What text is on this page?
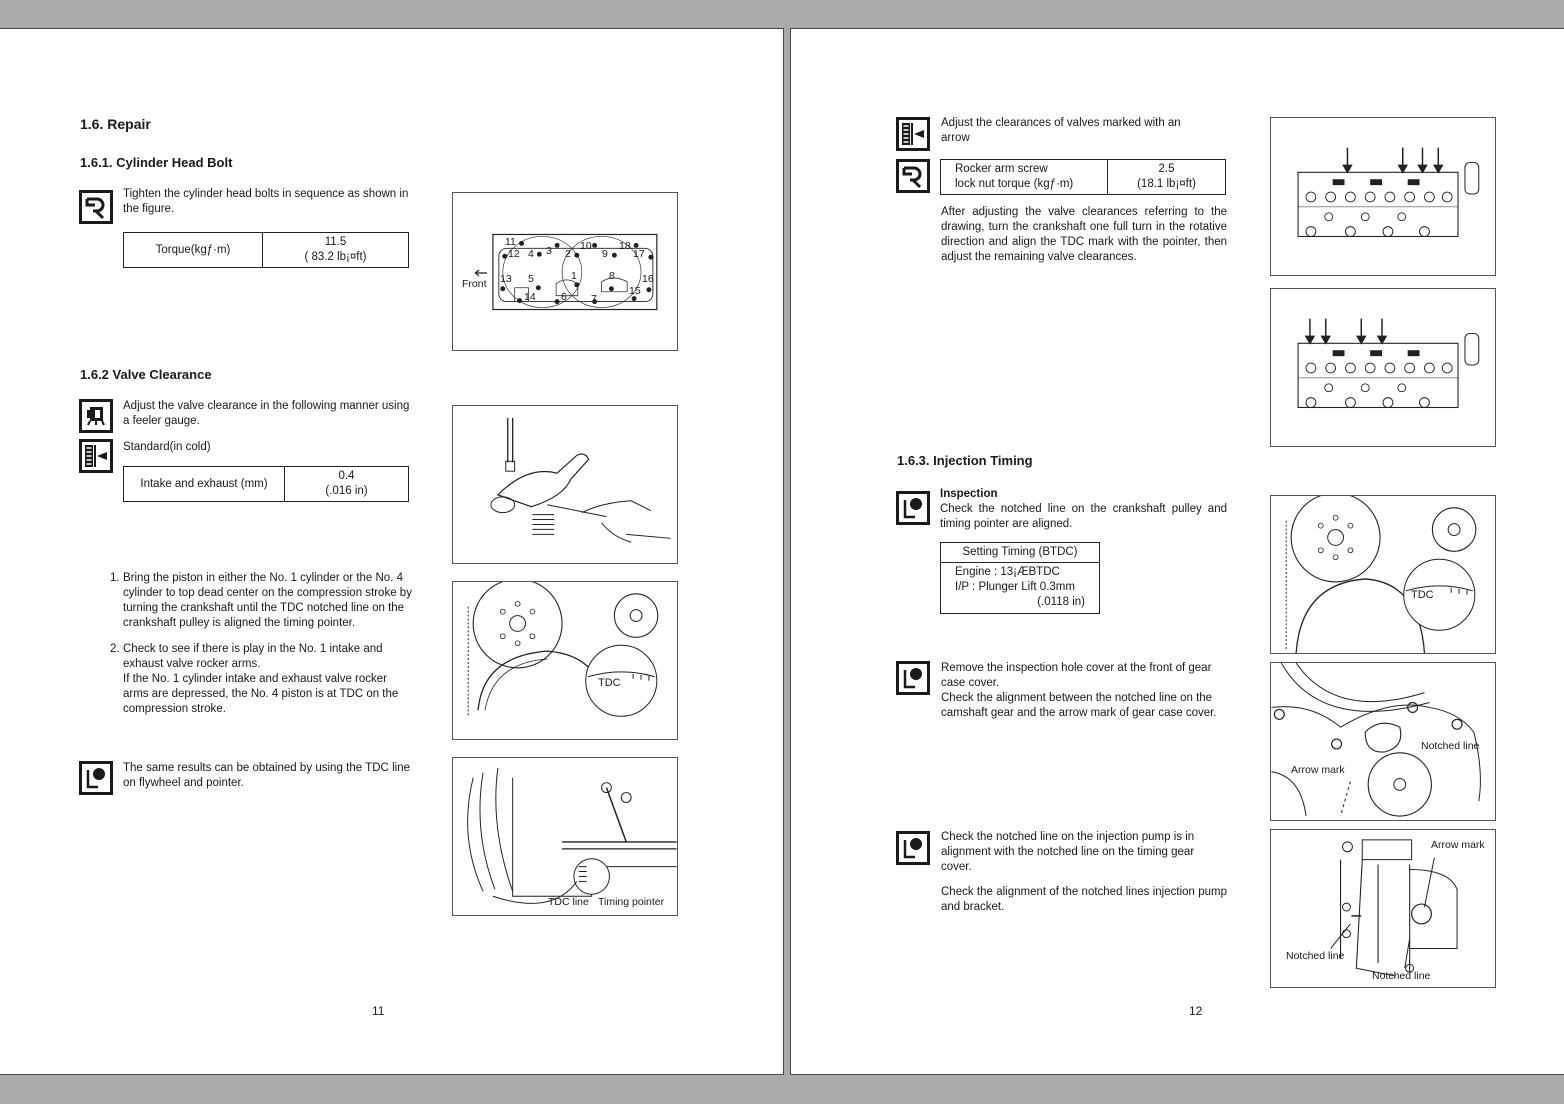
1.6. Repair
1.6.1. Cylinder Head Bolt
Tighten the cylinder head bolts in sequence as shown in the figure.
Torque(kgƒ·m)	
11.5
( 83.2 lb¡¤ft)
Front
11
12 4 3 2
10
9
18
17
13 5	1	8	16
14 6 7
15
1.6.2 Valve Clearance
Adjust the valve clearance in the following manner using a feeler gauge.
Standard(in cold)
Intake and exhaust (mm)	
0.4
(.016 in)
1. Bring the piston in either the No. 1 cylinder or the No. 4 cylinder to top dead center on the compression stroke by turning the crankshaft until the TDC notched line on the crankshaft pulley is aligned the timing pointer.
2. Check to see if there is play in the No. 1 intake and exhaust valve rocker arms.
If the No. 1 cylinder intake and exhaust valve rocker arms are depressed, the No. 4 piston is at TDC on the compression stroke.
TDC
The same results can be obtained by using the TDC line on flywheel and pointer.
TDC line Timing pointer
11
Adjust the clearances of valves marked with an arrow
Rocker arm screw
lock nut torque (kgƒ·m)

2.5
(18.1 lb¡¤ft)
After adjusting the valve clearances referring to the drawing, turn the crankshaft one full turn in the rotative direction and align the TDC mark with the pointer, then adjust the remaining valve clearances.
1.6.3. Injection Timing
Inspection
Check the notched line on the crankshaft pulley and timing pointer are aligned.
Setting Timing (BTDC)
Engine : 13¡ÆBTDC
I/P : Plunger Lift 0.3mm
(.0118 in)
TDC
Remove the inspection hole cover at the front of gear case cover.
Check the alignment between the notched line on the camshaft gear and the arrow mark of gear case cover.
Notched line
Arrow mark
Check the notched line on the injection pump is in alignment with the notched line on the timing gear cover.
Check the alignment of the notched lines injection pump and bracket.
Arrow mark
Notched line
Notched line
12
